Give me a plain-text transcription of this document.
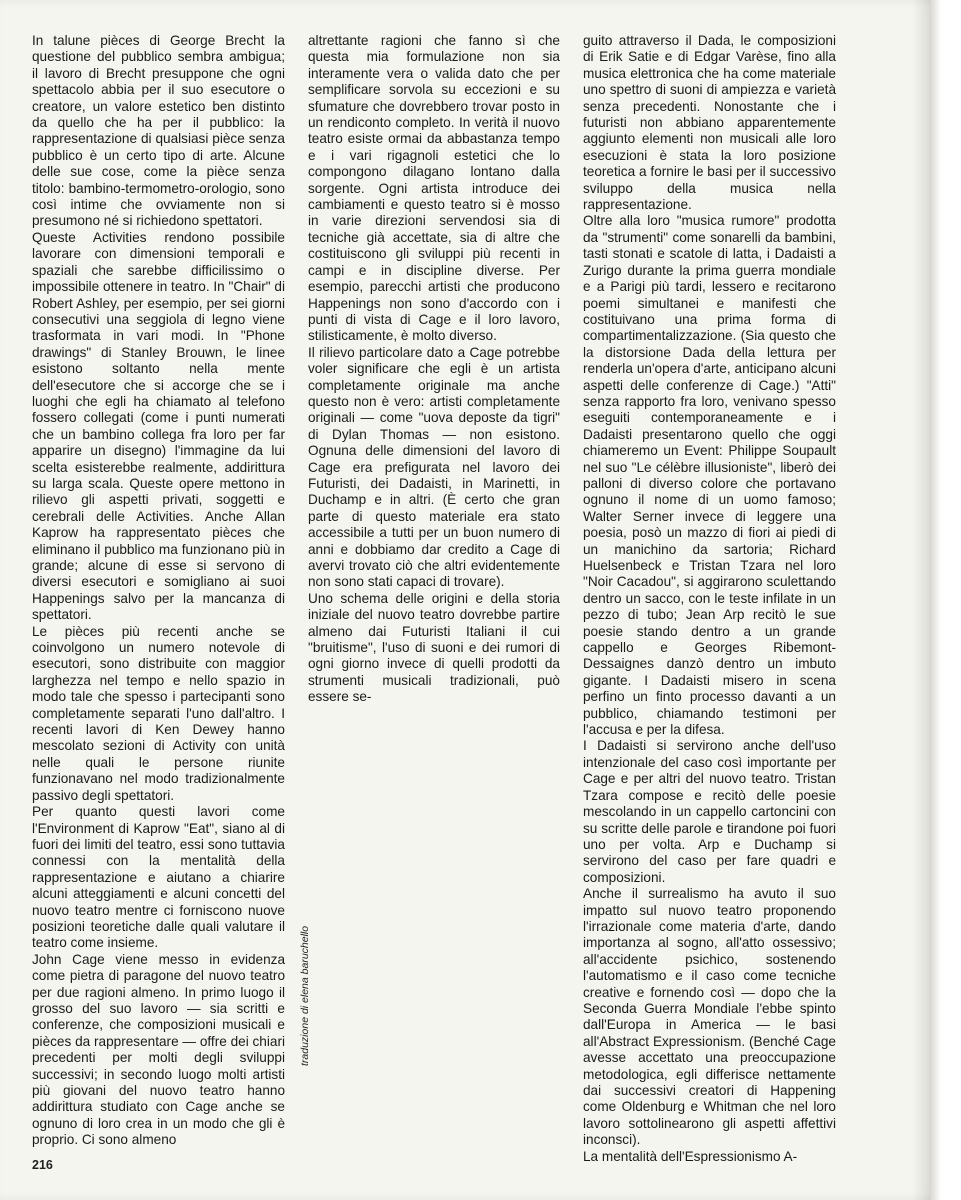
In talune pièces di George Brecht la questione del pubblico sembra ambigua; il lavoro di Brecht presuppone che ogni spettacolo abbia per il suo esecutore o creatore, un valore estetico ben distinto da quello che ha per il pubblico: la rappresentazione di qualsiasi pièce senza pubblico è un certo tipo di arte. Alcune delle sue cose, come la pièce senza titolo: bambino-termometro-orologio, sono così intime che ovviamente non si presumono né si richiedono spettatori.

Queste Activities rendono possibile lavorare con dimensioni temporali e spaziali che sarebbe difficilissimo o impossibile ottenere in teatro. In "Chair" di Robert Ashley, per esempio, per sei giorni consecutivi una seggiola di legno viene trasformata in vari modi. In "Phone drawings" di Stanley Brouwn, le linee esistono soltanto nella mente dell'esecutore che si accorge che se i luoghi che egli ha chiamato al telefono fossero collegati (come i punti numerati che un bambino collega fra loro per far apparire un disegno) l'immagine da lui scelta esisterebbe realmente, addirittura su larga scala. Queste opere mettono in rilievo gli aspetti privati, soggetti e cerebrali delle Activities. Anche Allan Kaprow ha rappresentato pièces che eliminano il pubblico ma funzionano più in grande; alcune di esse si servono di diversi esecutori e somigliano ai suoi Happenings salvo per la mancanza di spettatori.

Le pièces più recenti anche se coinvolgono un numero notevole di esecutori, sono distribuite con maggior larghezza nel tempo e nello spazio in modo tale che spesso i partecipanti sono completamente separati l'uno dall'altro. I recenti lavori di Ken Dewey hanno mescolato sezioni di Activity con unità nelle quali le persone riunite funzionavano nel modo tradizionalmente passivo degli spettatori.

Per quanto questi lavori come l'Environment di Kaprow "Eat", siano al di fuori dei limiti del teatro, essi sono tuttavia connessi con la mentalità della rappresentazione e aiutano a chiarire alcuni atteggiamenti e alcuni concetti del nuovo teatro mentre ci forniscono nuove posizioni teoretiche dalle quali valutare il teatro come insieme.

John Cage viene messo in evidenza come pietra di paragone del nuovo teatro per due ragioni almeno. In primo luogo il grosso del suo lavoro — sia scritti e conferenze, che composizioni musicali e pièces da rappresentare — offre dei chiari precedenti per molti degli sviluppi successivi; in secondo luogo molti artisti più giovani del nuovo teatro hanno addirittura studiato con Cage anche se ognuno di loro crea in un modo che gli è proprio. Ci sono almeno

altrettante ragioni che fanno sì che questa mia formulazione non sia interamente vera o valida dato che per semplificare sorvola su eccezioni e su sfumature che dovrebbero trovar posto in un rendiconto completo. In verità il nuovo teatro esiste ormai da abbastanza tempo e i vari rigagnoli estetici che lo compongono dilagano lontano dalla sorgente. Ogni artista introduce dei cambiamenti e questo teatro si è mosso in varie direzioni servendosi sia di tecniche già accettate, sia di altre che costituiscono gli sviluppi più recenti in campi e in discipline diverse. Per esempio, parecchi artisti che producono Happenings non sono d'accordo con i punti di vista di Cage e il loro lavoro, stilisticamente, è molto diverso.

Il rilievo particolare dato a Cage potrebbe voler significare che egli è un artista completamente originale ma anche questo non è vero: artisti completamente originali — come "uova deposte da tigri" di Dylan Thomas — non esistono. Ognuna delle dimensioni del lavoro di Cage era prefigurata nel lavoro dei Futuristi, dei Dadaisti, in Marinetti, in Duchamp e in altri. (È certo che gran parte di questo materiale era stato accessibile a tutti per un buon numero di anni e dobbiamo dar credito a Cage di avervi trovato ciò che altri evidentemente non sono stati capaci di trovare).

Uno schema delle origini e della storia iniziale del nuovo teatro dovrebbe partire almeno dai Futuristi Italiani il cui "bruitisme", l'uso di suoni e dei rumori di ogni giorno invece di quelli prodotti da strumenti musicali tradizionali, può essere se-

guito attraverso il Dada, le composizioni di Erik Satie e di Edgar Varèse, fino alla musica elettronica che ha come materiale uno spettro di suoni di ampiezza e varietà senza precedenti. Nonostante che i futuristi non abbiano apparentemente aggiunto elementi non musicali alle loro esecuzioni è stata la loro posizione teoretica a fornire le basi per il successivo sviluppo della musica nella rappresentazione.

Oltre alla loro "musica rumore" prodotta da "strumenti" come sonarelli da bambini, tasti stonati e scatole di latta, i Dadaisti a Zurigo durante la prima guerra mondiale e a Parigi più tardi, lessero e recitarono poemi simultanei e manifesti che costituivano una prima forma di compartimentalizzazione. (Sia questo che la distorsione Dada della lettura per renderla un'opera d'arte, anticipano alcuni aspetti delle conferenze di Cage.) "Atti" senza rapporto fra loro, venivano spesso eseguiti contemporaneamente e i Dadaisti presentarono quello che oggi chiameremo un Event: Philippe Soupault nel suo "Le célèbre illusioniste", liberò dei palloni di diverso colore che portavano ognuno il nome di un uomo famoso; Walter Serner invece di leggere una poesia, posò un mazzo di fiori ai piedi di un manichino da sartoria; Richard Huelsenbeck e Tristan Tzara nel loro "Noir Cacadou", si aggirarono sculettando dentro un sacco, con le teste infilate in un pezzo di tubo; Jean Arp recitò le sue poesie stando dentro a un grande cappello e Georges Ribemont-Dessaignes danzò dentro un imbuto gigante. I Dadaisti misero in scena perfino un finto processo davanti a un pubblico, chiamando testimoni per l'accusa e per la difesa.

I Dadaisti si servirono anche dell'uso intenzionale del caso così importante per Cage e per altri del nuovo teatro. Tristan Tzara compose e recitò delle poesie mescolando in un cappello cartoncini con su scritte delle parole e tirandone poi fuori uno per volta. Arp e Duchamp si servirono del caso per fare quadri e composizioni.

Anche il surrealismo ha avuto il suo impatto sul nuovo teatro proponendo l'irrazionale come materia d'arte, dando importanza al sogno, all'atto ossessivo; all'accidente psichico, sostenendo l'automatismo e il caso come tecniche creative e fornendo così — dopo che la Seconda Guerra Mondiale l'ebbe spinto dall'Europa in America — le basi all'Abstract Expressionism. (Benché Cage avesse accettato una preoccupazione metodologica, egli differisce nettamente dai successivi creatori di Happening come Oldenburg e Whitman che nel loro lavoro sottolinearono gli aspetti affettivi inconsci).

La mentalità dell'Espressionismo A-

traduzione di elena baruchello
216
